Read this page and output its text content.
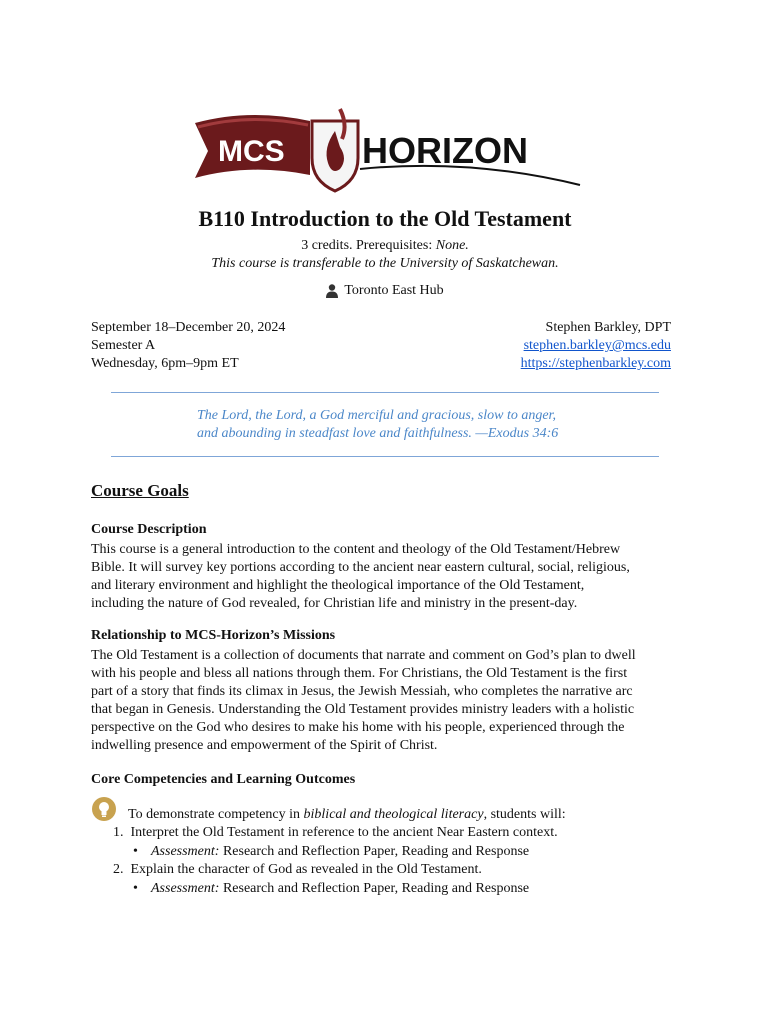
MCS HORIZON
B110 Introduction to the Old Testament
3 credits. Prerequisites: None.
This course is transferable to the University of Saskatchewan.
Toronto East Hub
September 18–December 20, 2024
Semester A
Wednesday, 6pm–9pm ET
Stephen Barkley, DPT
stephen.barkley@mcs.edu
https://stephenbarkley.com
The Lord, the Lord, a God merciful and gracious, slow to anger,
and abounding in steadfast love and faithfulness. —Exodus 34:6
Course Goals
Course Description
This course is a general introduction to the content and theology of the Old Testament/Hebrew
Bible. It will survey key portions according to the ancient near eastern cultural, social, religious,
and literary environment and highlight the theological importance of the Old Testament,
including the nature of God revealed, for Christian life and ministry in the present-day.
Relationship to MCS-Horizon’s Missions
The Old Testament is a collection of documents that narrate and comment on God’s plan to dwell
with his people and bless all nations through them. For Christians, the Old Testament is the first
part of a story that finds its climax in Jesus, the Jewish Messiah, who completes the narrative arc
that began in Genesis. Understanding the Old Testament provides ministry leaders with a holistic
perspective on the God who desires to make his home with his people, experienced through the
indwelling presence and empowerment of the Spirit of Christ.
Core Competencies and Learning Outcomes
To demonstrate competency in biblical and theological literacy, students will:
1. Interpret the Old Testament in reference to the ancient Near Eastern context.
• Assessment: Research and Reflection Paper, Reading and Response
2. Explain the character of God as revealed in the Old Testament.
• Assessment: Research and Reflection Paper, Reading and Response
